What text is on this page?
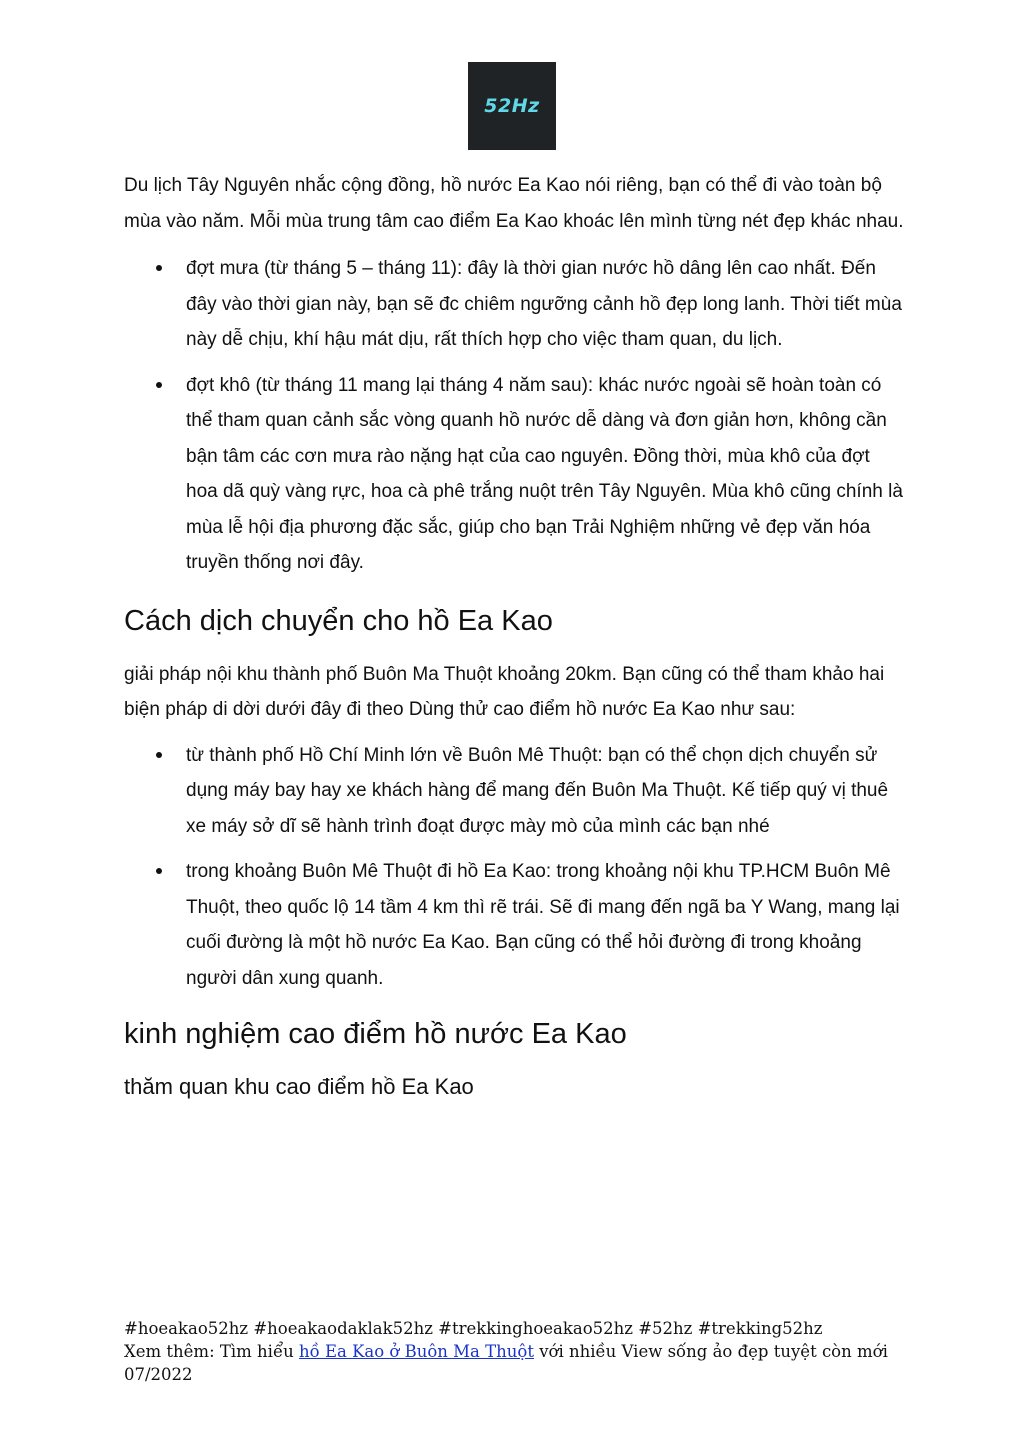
52Hz

Du lịch Tây Nguyên nhắc cộng đồng, hồ nước Ea Kao nói riêng, bạn có thể đi vào toàn bộ mùa vào năm. Mỗi mùa trung tâm cao điểm Ea Kao khoác lên mình từng nét đẹp khác nhau.

đợt mưa (từ tháng 5 – tháng 11): đây là thời gian nước hồ dâng lên cao nhất. Đến đây vào thời gian này, bạn sẽ đc chiêm ngưỡng cảnh hồ đẹp long lanh. Thời tiết mùa này dễ chịu, khí hậu mát dịu, rất thích hợp cho việc tham quan, du lịch.
đợt khô (từ tháng 11 mang lại tháng 4 năm sau): khác nước ngoài sẽ hoàn toàn có thể tham quan cảnh sắc vòng quanh hồ nước dễ dàng và đơn giản hơn, không cần bận tâm các cơn mưa rào nặng hạt của cao nguyên. Đồng thời, mùa khô của đợt hoa dã quỳ vàng rực, hoa cà phê trắng nuột trên Tây Nguyên. Mùa khô cũng chính là mùa lễ hội địa phương đặc sắc, giúp cho bạn Trải Nghiệm những vẻ đẹp văn hóa truyền thống nơi đây.
Cách dịch chuyển cho hồ Ea Kao

giải pháp nội khu thành phố Buôn Ma Thuột khoảng 20km. Bạn cũng có thể tham khảo hai biện pháp di dời dưới đây đi theo Dùng thử cao điểm hồ nước Ea Kao như sau:

từ thành phố Hồ Chí Minh lớn về Buôn Mê Thuột: bạn có thể chọn dịch chuyển sử dụng máy bay hay xe khách hàng để mang đến Buôn Ma Thuột. Kế tiếp quý vị thuê xe máy sở dĩ sẽ hành trình đoạt được mày mò của mình các bạn nhé
trong khoảng Buôn Mê Thuột đi hồ Ea Kao: trong khoảng nội khu TP.HCM Buôn Mê Thuột, theo quốc lộ 14 tầm 4 km thì rẽ trái. Sẽ đi mang đến ngã ba Y Wang, mang lại cuối đường là một hồ nước Ea Kao. Bạn cũng có thể hỏi đường đi trong khoảng người dân xung quanh.
kinh nghiệm cao điểm hồ nước Ea Kao
thăm quan khu cao điểm hồ Ea Kao
#hoeakao52hz #hoeakaodaklak52hz #trekkinghoeakao52hz #52hz #trekking52hz
Xem thêm: Tìm hiểu hồ Ea Kao ở Buôn Ma Thuột với nhiều View sống ảo đẹp tuyệt còn mới 07/2022
